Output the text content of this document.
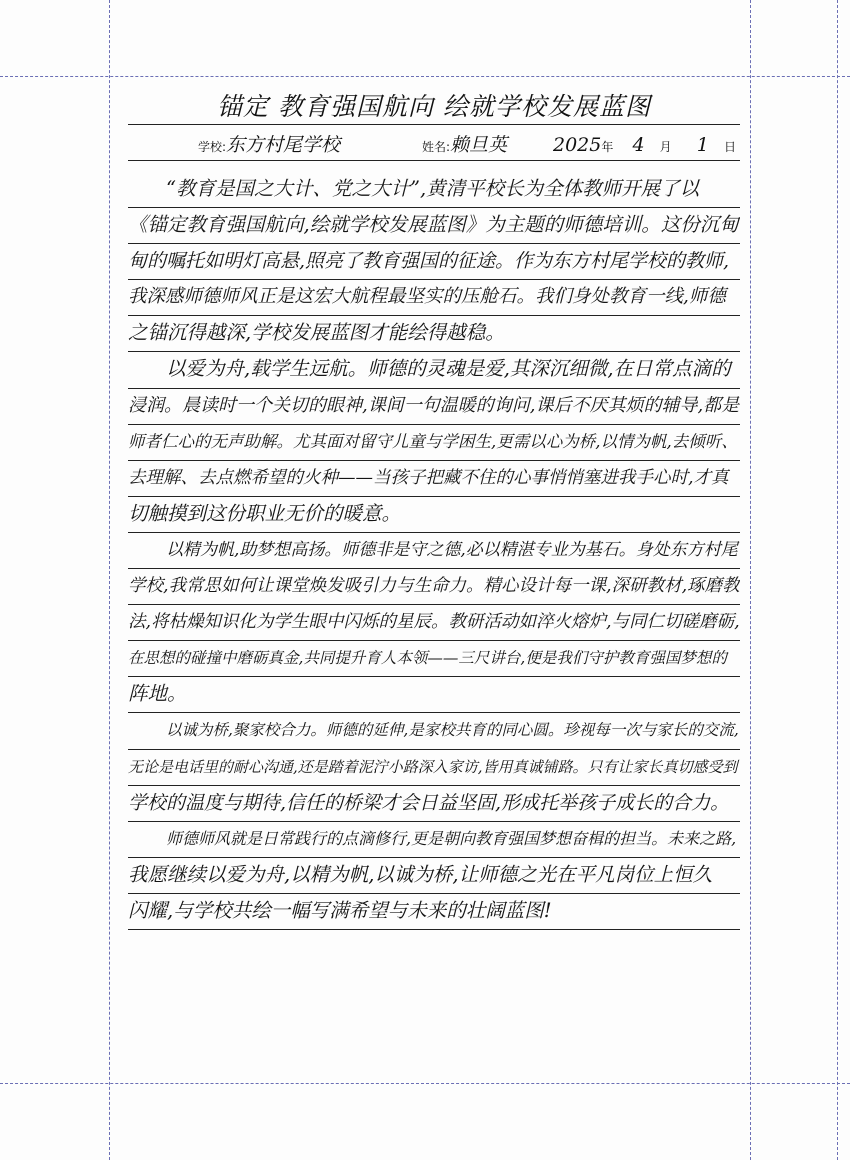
锚定 教育强国航向 绘就学校发展蓝图
学校:东方村尾学校	姓名:赖旦英 2025年 4 月 1 日
“教育是国之大计、党之大计”,黄清平校长为全体教师开展了以
《锚定教育强国航向,绘就学校发展蓝图》为主题的师德培训。这份沉甸
甸的嘱托如明灯高悬,照亮了教育强国的征途。作为东方村尾学校的教师,
我深感师德师风正是这宏大航程最坚实的压舱石。我们身处教育一线,师德
之锚沉得越深,学校发展蓝图才能绘得越稳。
以爱为舟,载学生远航。师德的灵魂是爱,其深沉细微,在日常点滴的
浸润。晨读时一个关切的眼神,课间一句温暖的询问,课后不厌其烦的辅导,都是
师者仁心的无声助解。尤其面对留守儿童与学困生,更需以心为桥,以情为帆,去倾听、
去理解、去点燃希望的火种——当孩子把藏不住的心事悄悄塞进我手心时,才真
切触摸到这份职业无价的暖意。
以精为帆,助梦想高扬。师德非是守之德,必以精湛专业为基石。身处东方村尾
学校,我常思如何让课堂焕发吸引力与生命力。精心设计每一课,深研教材,琢磨教
法,将枯燥知识化为学生眼中闪烁的星辰。教研活动如淬火熔炉,与同仁切磋磨砺,
在思想的碰撞中磨砺真金,共同提升育人本领——三尺讲台,便是我们守护教育强国梦想的
阵地。
以诚为桥,聚家校合力。师德的延伸,是家校共育的同心圆。珍视每一次与家长的交流,
无论是电话里的耐心沟通,还是踏着泥泞小路深入家访,皆用真诚铺路。只有让家长真切感受到
学校的温度与期待,信任的桥梁才会日益坚固,形成托举孩子成长的合力。
师德师风就是日常践行的点滴修行,更是朝向教育强国梦想奋楫的担当。未来之路,
我愿继续以爱为舟,以精为帆,以诚为桥,让师德之光在平凡岗位上恒久
闪耀,与学校共绘一幅写满希望与未来的壮阔蓝图!
